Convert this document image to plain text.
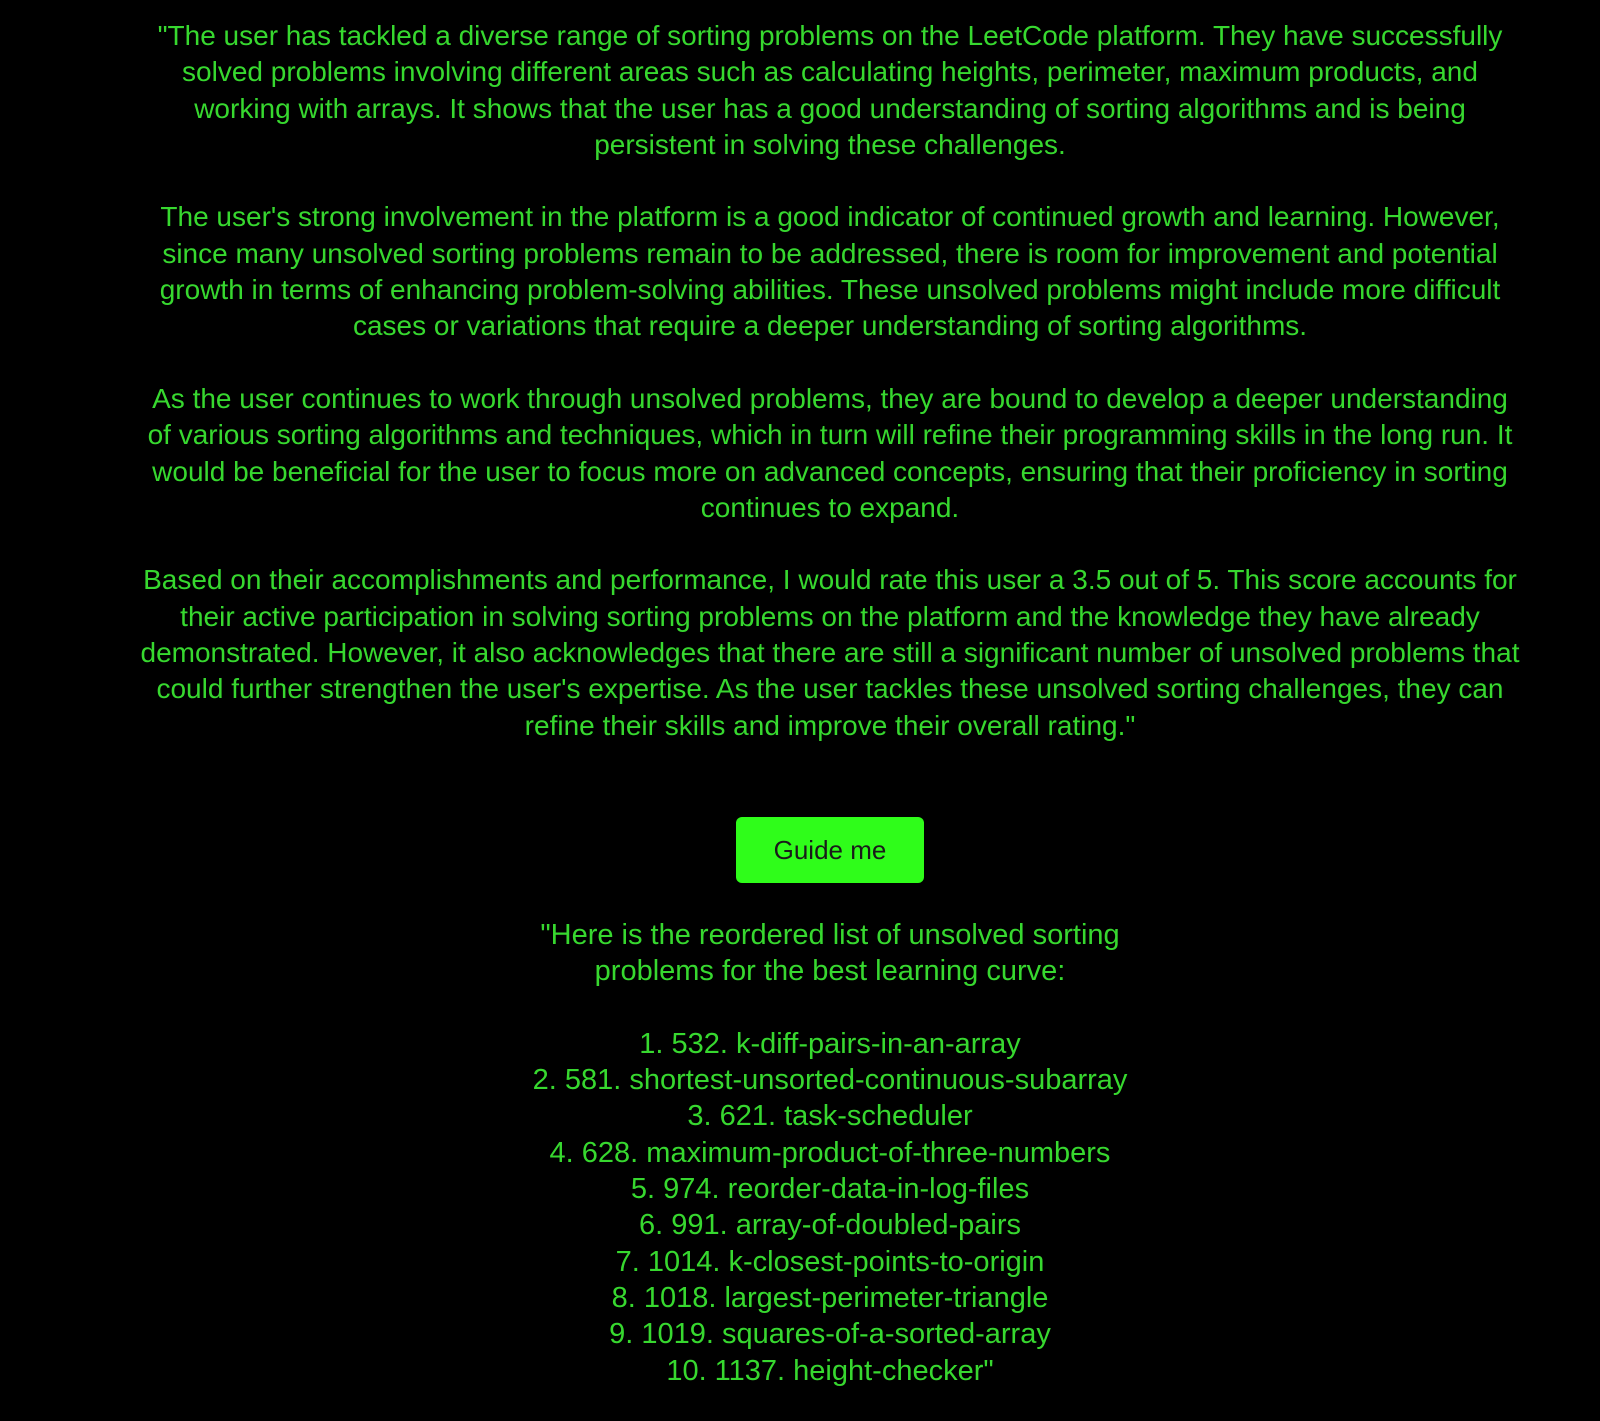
"The user has tackled a diverse range of sorting problems on the LeetCode platform. They have successfully solved problems involving different areas such as calculating heights, perimeter, maximum products, and working with arrays. It shows that the user has a good understanding of sorting algorithms and is being persistent in solving these challenges.

The user's strong involvement in the platform is a good indicator of continued growth and learning. However, since many unsolved sorting problems remain to be addressed, there is room for improvement and potential growth in terms of enhancing problem-solving abilities. These unsolved problems might include more difficult cases or variations that require a deeper understanding of sorting algorithms.

As the user continues to work through unsolved problems, they are bound to develop a deeper understanding of various sorting algorithms and techniques, which in turn will refine their programming skills in the long run. It would be beneficial for the user to focus more on advanced concepts, ensuring that their proficiency in sorting continues to expand.

Based on their accomplishments and performance, I would rate this user a 3.5 out of 5. This score accounts for their active participation in solving sorting problems on the platform and the knowledge they have already demonstrated. However, it also acknowledges that there are still a significant number of unsolved problems that could further strengthen the user's expertise. As the user tackles these unsolved sorting challenges, they can refine their skills and improve their overall rating."

Guide me

"Here is the reordered list of unsolved sorting problems for the best learning curve:

1. 532. k-diff-pairs-in-an-array
2. 581. shortest-unsorted-continuous-subarray
3. 621. task-scheduler
4. 628. maximum-product-of-three-numbers
5. 974. reorder-data-in-log-files
6. 991. array-of-doubled-pairs
7. 1014. k-closest-points-to-origin
8. 1018. largest-perimeter-triangle
9. 1019. squares-of-a-sorted-array
10. 1137. height-checker"
